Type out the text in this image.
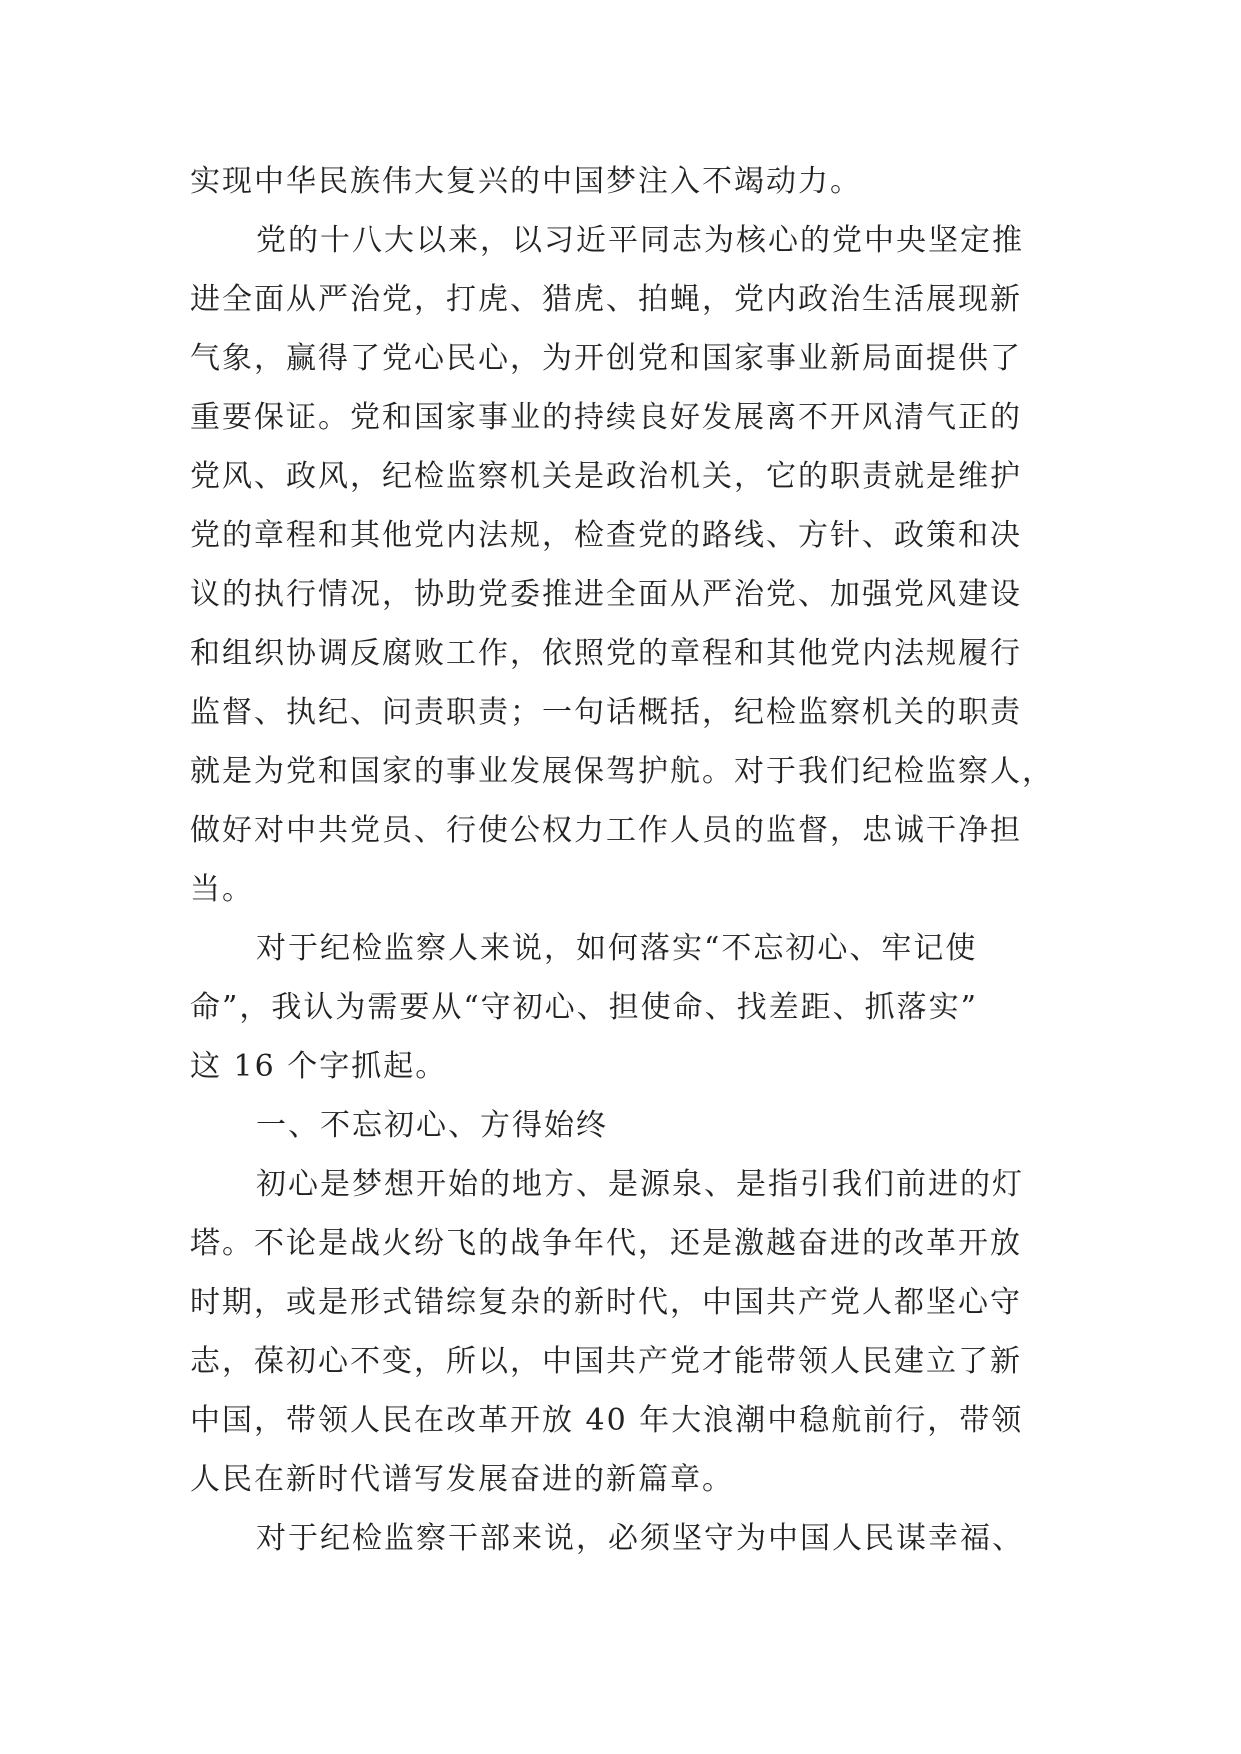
实现中华民族伟大复兴的中国梦注入不竭动力。
党的十八大以来，以习近平同志为核心的党中央坚定推
进全面从严治党，打虎、猎虎、拍蝇，党内政治生活展现新
气象，赢得了党心民心，为开创党和国家事业新局面提供了
重要保证。党和国家事业的持续良好发展离不开风清气正的
党风、政风，纪检监察机关是政治机关，它的职责就是维护
党的章程和其他党内法规，检查党的路线、方针、政策和决
议的执行情况，协助党委推进全面从严治党、加强党风建设
和组织协调反腐败工作，依照党的章程和其他党内法规履行
监督、执纪、问责职责；一句话概括，纪检监察机关的职责
就是为党和国家的事业发展保驾护航。对于我们纪检监察人，
做好对中共党员、行使公权力工作人员的监督，忠诚干净担
当。
对于纪检监察人来说，如何落实“不忘初心、牢记使
命”，我认为需要从“守初心、担使命、找差距、抓落实”
这 16 个字抓起。
一、不忘初心、方得始终
初心是梦想开始的地方、是源泉、是指引我们前进的灯
塔。不论是战火纷飞的战争年代，还是激越奋进的改革开放
时期，或是形式错综复杂的新时代，中国共产党人都坚心守
志，葆初心不变，所以，中国共产党才能带领人民建立了新
中国，带领人民在改革开放 40 年大浪潮中稳航前行，带领
人民在新时代谱写发展奋进的新篇章。
对于纪检监察干部来说，必须坚守为中国人民谋幸福、
